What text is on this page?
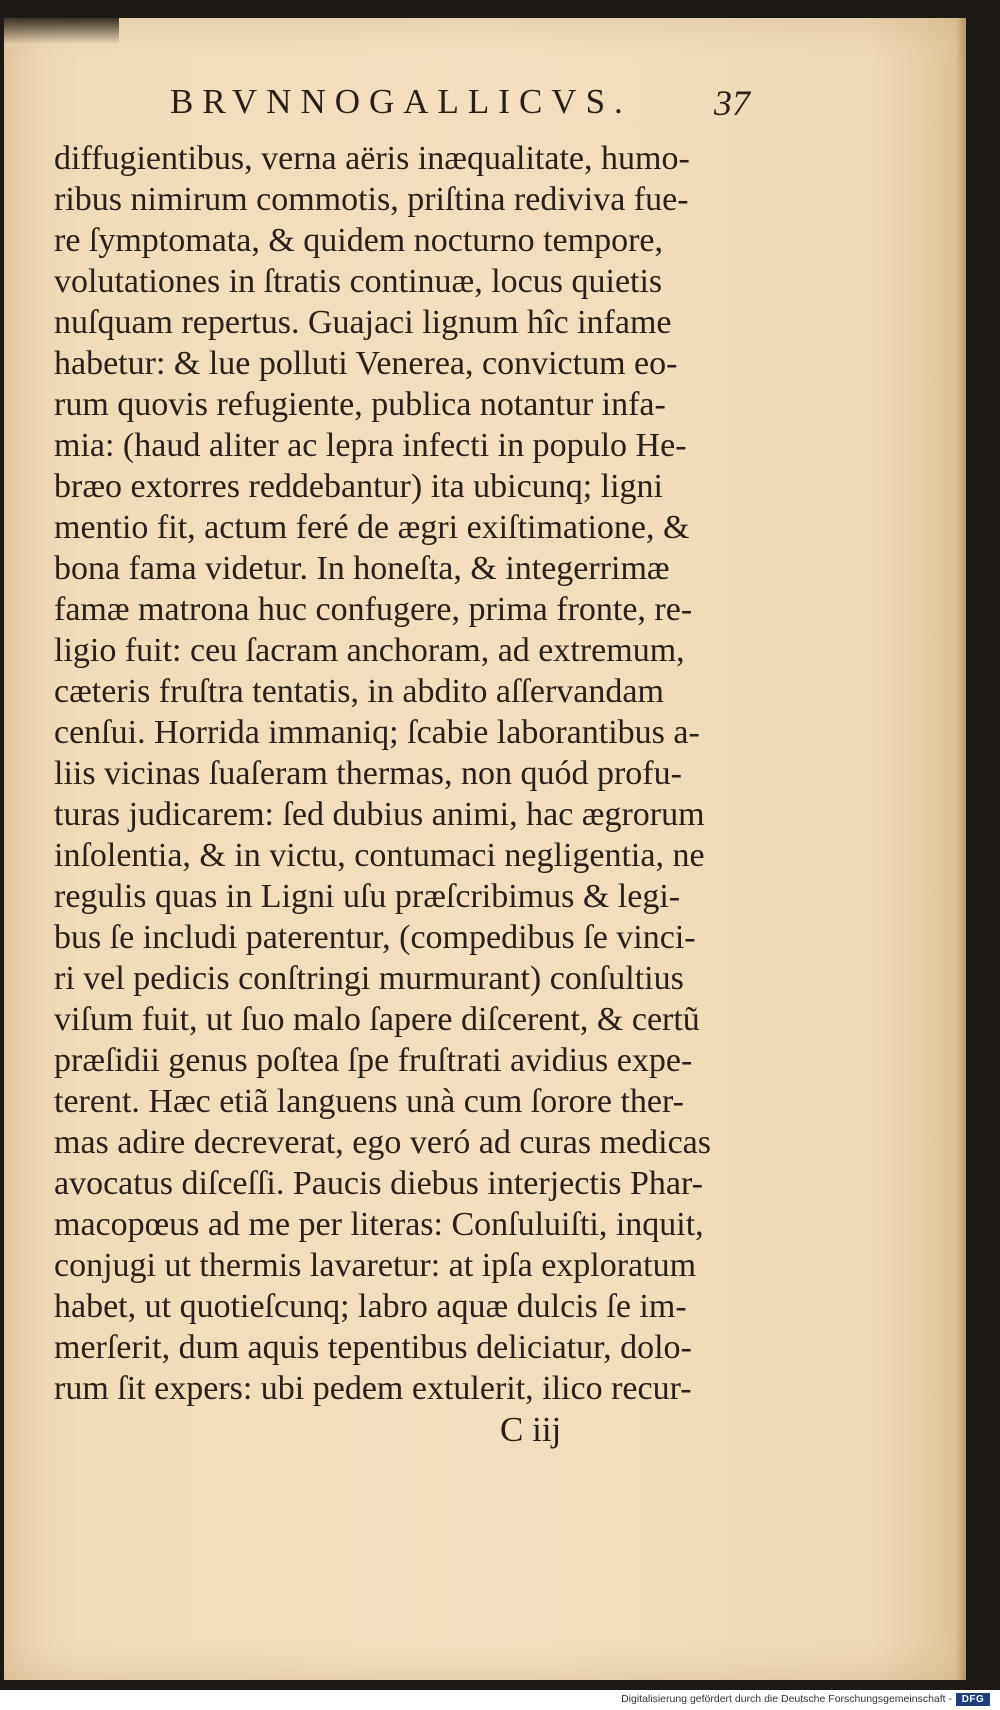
BRVNNOGALLICVS. 37
diffugientibus, verna aëris inæqualitate, humo-
ribus nimirum commotis, priſtina rediviva fue-
re ſymptomata, & quidem nocturno tempore,
volutationes in ſtratis continuæ, locus quietis
nuſquam repertus. Guajaci lignum hîc infame
habetur: & lue polluti Venerea, convictum eo-
rum quovis refugiente, publica notantur infa-
mia: (haud aliter ac lepra infecti in populo He-
bræo extorres reddebantur) ita ubicunq; ligni
mentio fit, actum feré de ægri exiſtimatione, &
bona fama videtur. In honeſta, & integerrimæ
famæ matrona huc confugere, prima fronte, re-
ligio fuit: ceu ſacram anchoram, ad extremum,
cæteris fruſtra tentatis, in abdito aſſervandam
cenſui. Horrida immaniq; ſcabie laborantibus a-
liis vicinas ſuaſeram thermas, non quód profu-
turas judicarem: ſed dubius animi, hac ægrorum
inſolentia, & in victu, contumaci negligentia, ne
regulis quas in Ligni uſu præſcribimus & legi-
bus ſe includi paterentur, (compedibus ſe vinci-
ri vel pedicis conſtringi murmurant) conſultius
viſum fuit, ut ſuo malo ſapere diſcerent, & certũ
præſidii genus poſtea ſpe fruſtrati avidius expe-
terent. Hæc etiã languens unà cum ſorore ther-
mas adire decreverat, ego veró ad curas medicas
avocatus diſceſſi. Paucis diebus interjectis Phar-
macopœus ad me per literas: Conſuluiſti, inquit,
conjugi ut thermis lavaretur: at ipſa exploratum
habet, ut quotieſcunq; labro aquæ dulcis ſe im-
merſerit, dum aquis tepentibus deliciatur, dolo-
rum ſit expers: ubi pedem extulerit, ilico recur-
C iij
Digitalisierung gefördert durch die Deutsche Forschungsgemeinschaft - DFG
